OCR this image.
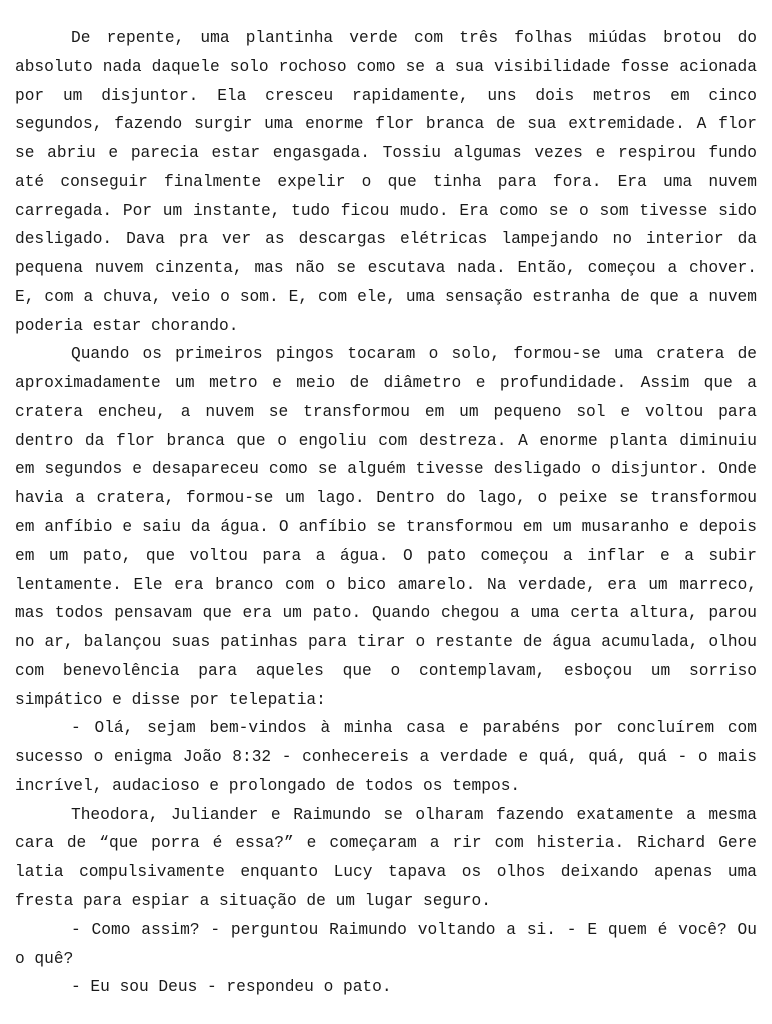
De repente, uma plantinha verde com três folhas miúdas brotou do absoluto nada daquele solo rochoso como se a sua visibilidade fosse acionada por um disjuntor. Ela cresceu rapidamente, uns dois metros em cinco segundos, fazendo surgir uma enorme flor branca de sua extremidade. A flor se abriu e parecia estar engasgada. Tossiu algumas vezes e respirou fundo até conseguir finalmente expelir o que tinha para fora. Era uma nuvem carregada. Por um instante, tudo ficou mudo. Era como se o som tivesse sido desligado. Dava pra ver as descargas elétricas lampejando no interior da pequena nuvem cinzenta, mas não se escutava nada. Então, começou a chover. E, com a chuva, veio o som. E, com ele, uma sensação estranha de que a nuvem poderia estar chorando.

Quando os primeiros pingos tocaram o solo, formou-se uma cratera de aproximadamente um metro e meio de diâmetro e profundidade. Assim que a cratera encheu, a nuvem se transformou em um pequeno sol e voltou para dentro da flor branca que o engoliu com destreza. A enorme planta diminuiu em segundos e desapareceu como se alguém tivesse desligado o disjuntor. Onde havia a cratera, formou-se um lago. Dentro do lago, o peixe se transformou em anfíbio e saiu da água. O anfíbio se transformou em um musaranho e depois em um pato, que voltou para a água. O pato começou a inflar e a subir lentamente. Ele era branco com o bico amarelo. Na verdade, era um marreco, mas todos pensavam que era um pato. Quando chegou a uma certa altura, parou no ar, balançou suas patinhas para tirar o restante de água acumulada, olhou com benevolência para aqueles que o contemplavam, esboçou um sorriso simpático e disse por telepatia:

- Olá, sejam bem-vindos à minha casa e parabéns por concluírem com sucesso o enigma João 8:32 - conhecereis a verdade e quá, quá, quá - o mais incrível, audacioso e prolongado de todos os tempos.

Theodora, Juliander e Raimundo se olharam fazendo exatamente a mesma cara de “que porra é essa?” e começaram a rir com histeria. Richard Gere latia compulsivamente enquanto Lucy tapava os olhos deixando apenas uma fresta para espiar a situação de um lugar seguro.

- Como assim? - perguntou Raimundo voltando a si. - E quem é você? Ou o quê?

- Eu sou Deus - respondeu o pato.
